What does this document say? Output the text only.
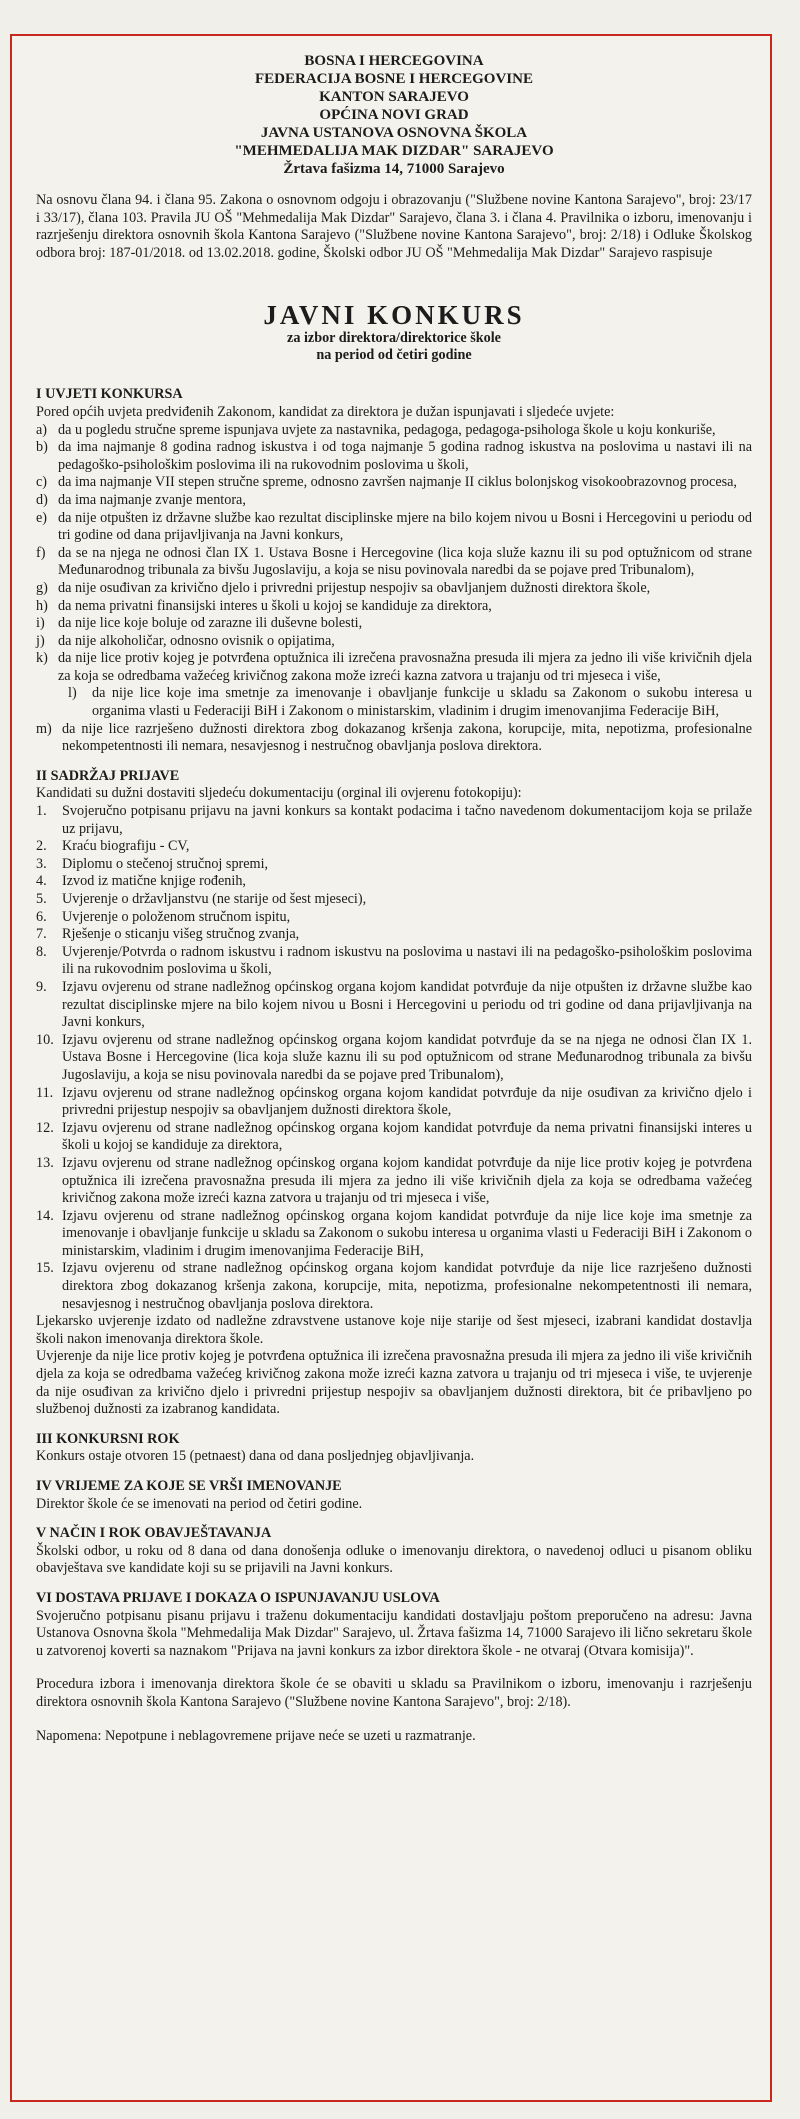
BOSNA I HERCEGOVINA
FEDERACIJA BOSNE I HERCEGOVINE
KANTON SARAJEVO
OPĆINA NOVI GRAD
JAVNA USTANOVA OSNOVNA ŠKOLA
"MEHMEDALIJA MAK DIZDAR" SARAJEVO
Žrtava fašizma 14, 71000 Sarajevo

Na osnovu člana 94. i člana 95. Zakona o osnovnom odgoju i obrazovanju ("Službene novine Kantona Sarajevo", broj: 23/17 i 33/17), člana 103. Pravila JU OŠ "Mehmedalija Mak Dizdar" Sarajevo, člana 3. i člana 4. Pravilnika o izboru, imenovanju i razrješenju direktora osnovnih škola Kantona Sarajevo ("Službene novine Kantona Sarajevo", broj: 2/18) i Odluke Školskog odbora broj: 187-01/2018. od 13.02.2018. godine, Školski odbor JU OŠ "Mehmedalija Mak Dizdar" Sarajevo raspisuje

JAVNI KONKURS
za izbor direktora/direktorice škole
na period od četiri godine
I UVJETI KONKURSA

Pored općih uvjeta predviđenih Zakonom, kandidat za direktora je dužan ispunjavati i sljedeće uvjete:

a) da u pogledu stručne spreme ispunjava uvjete za nastavnika, pedagoga, pedagoga-psihologa škole u koju konkuriše,
b) da ima najmanje 8 godina radnog iskustva i od toga najmanje 5 godina radnog iskustva na poslovima u nastavi ili na pedagoško-psihološkim poslovima ili na rukovodnim poslovima u školi,
c) da ima najmanje VII stepen stručne spreme, odnosno završen najmanje II ciklus bolonjskog visokoobrazovnog procesa,
d) da ima najmanje zvanje mentora,
e) da nije otpušten iz državne službe kao rezultat disciplinske mjere na bilo kojem nivou u Bosni i Hercegovini u periodu od tri godine od dana prijavljivanja na Javni konkurs,
f) da se na njega ne odnosi član IX 1. Ustava Bosne i Hercegovine (lica koja služe kaznu ili su pod optužnicom od strane Međunarodnog tribunala za bivšu Jugoslaviju, a koja se nisu povinovala naredbi da se pojave pred Tribunalom),
g) da nije osuđivan za krivično djelo i privredni prijestup nespojiv sa obavljanjem dužnosti direktora škole,
h) da nema privatni finansijski interes u školi u kojoj se kandiduje za direktora,
i) da nije lice koje boluje od zarazne ili duševne bolesti,
j) da nije alkoholičar, odnosno ovisnik o opijatima,
k) da nije lice protiv kojeg je potvrđena optužnica ili izrečena pravosnažna presuda ili mjera za jedno ili više krivičnih djela za koja se odredbama važećeg krivičnog zakona može izreći kazna zatvora u trajanju od tri mjeseca i više,
l)	da nije lice koje ima smetnje za imenovanje i obavljanje funkcije u skladu sa Zakonom o sukobu interesa u organima vlasti u Federaciji BiH i Zakonom o ministarskim, vladinim i drugim imenovanjima Federacije BiH,
m) da nije lice razrješeno dužnosti direktora zbog dokazanog kršenja zakona, korupcije, mita, nepotizma, profesionalne nekompetentnosti ili nemara, nesavjesnog i nestručnog obavljanja poslova direktora.
II SADRŽAJ PRIJAVE

Kandidati su dužni dostaviti sljedeću dokumentaciju (orginal ili ovjerenu fotokopiju):

1.	Svojeručno potpisanu prijavu na javni konkurs sa kontakt podacima i tačno navedenom dokumentacijom koja se prilaže uz prijavu,
2.	Kraću biografiju - CV,
3.	Diplomu o stečenoj stručnoj spremi,
4.	Izvod iz matične knjige rođenih,
5.	Uvjerenje o državljanstvu (ne starije od šest mjeseci),
6.	Uvjerenje o položenom stručnom ispitu,
7.	Rješenje o sticanju višeg stručnog zvanja,
8.	Uvjerenje/Potvrda o radnom iskustvu i radnom iskustvu na poslovima u nastavi ili na pedagoško-psihološkim poslovima ili na rukovodnim poslovima u školi,
9.	Izjavu ovjerenu od strane nadležnog općinskog organa kojom kandidat potvrđuje da nije otpušten iz državne službe kao rezultat disciplinske mjere na bilo kojem nivou u Bosni i Hercegovini u periodu od tri godine od dana prijavljivanja na Javni konkurs,
10. Izjavu ovjerenu od strane nadležnog općinskog organa kojom kandidat potvrđuje da se na njega ne odnosi član IX 1. Ustava Bosne i Hercegovine (lica koja služe kaznu ili su pod optužnicom od strane Međunarodnog tribunala za bivšu Jugoslaviju, a koja se nisu povinovala naredbi da se pojave pred Tribunalom),
11. Izjavu ovjerenu od strane nadležnog općinskog organa kojom kandidat potvrđuje da nije osuđivan za krivično djelo i privredni prijestup nespojiv sa obavljanjem dužnosti direktora škole,
12. Izjavu ovjerenu od strane nadležnog općinskog organa kojom kandidat potvrđuje da nema privatni finansijski interes u školi u kojoj se kandiduje za direktora,
13. Izjavu ovjerenu od strane nadležnog općinskog organa kojom kandidat potvrđuje da nije lice protiv kojeg je potvrđena optužnica ili izrečena pravosnažna presuda ili mjera za jedno ili više krivičnih djela za koja se odredbama važećeg krivičnog zakona može izreći kazna zatvora u trajanju od tri mjeseca i više,
14. Izjavu ovjerenu od strane nadležnog općinskog organa kojom kandidat potvrđuje da nije lice koje ima smetnje za imenovanje i obavljanje funkcije u skladu sa Zakonom o sukobu interesa u organima vlasti u Federaciji BiH i Zakonom o ministarskim, vladinim i drugim imenovanjima Federacije BiH,
15. Izjavu ovjerenu od strane nadležnog općinskog organa kojom kandidat potvrđuje da nije lice razrješeno dužnosti direktora zbog dokazanog kršenja zakona, korupcije, mita, nepotizma, profesionalne nekompetentnosti ili nemara, nesavjesnog i nestručnog obavljanja poslova direktora.

Ljekarsko uvjerenje izdato od nadležne zdravstvene ustanove koje nije starije od šest mjeseci, izabrani kandidat dostavlja školi nakon imenovanja direktora škole.

Uvjerenje da nije lice protiv kojeg je potvrđena optužnica ili izrečena pravosnažna presuda ili mjera za jedno ili više krivičnih djela za koja se odredbama važećeg krivičnog zakona može izreći kazna zatvora u trajanju od tri mjeseca i više, te uvjerenje da nije osuđivan za krivično djelo i privredni prijestup nespojiv sa obavljanjem dužnosti direktora, bit će pribavljeno po službenoj dužnosti za izabranog kandidata.

III KONKURSNI ROK

Konkurs ostaje otvoren 15 (petnaest) dana od dana posljednjeg objavljivanja.

IV VRIJEME ZA KOJE SE VRŠI IMENOVANJE

Direktor škole će se imenovati na period od četiri godine.

V NAČIN I ROK OBAVJEŠTAVANJA

Školski odbor, u roku od 8 dana od dana donošenja odluke o imenovanju direktora, o navedenoj odluci u pisanom obliku obavještava sve kandidate koji su se prijavili na Javni konkurs.

VI DOSTAVA PRIJAVE I DOKAZA O ISPUNJAVANJU USLOVA

Svojeručno potpisanu pisanu prijavu i traženu dokumentaciju kandidati dostavljaju poštom preporučeno na adresu: Javna Ustanova Osnovna škola "Mehmedalija Mak Dizdar" Sarajevo, ul. Žrtava fašizma 14, 71000 Sarajevo ili lično sekretaru škole u zatvorenoj koverti sa naznakom "Prijava na javni konkurs za izbor direktora škole - ne otvaraj (Otvara komisija)".

Procedura izbora i imenovanja direktora škole će se obaviti u skladu sa Pravilnikom o izboru, imenovanju i razrješenju direktora osnovnih škola Kantona Sarajevo ("Službene novine Kantona Sarajevo", broj: 2/18).

Napomena: Nepotpune i neblagovremene prijave neće se uzeti u razmatranje.
